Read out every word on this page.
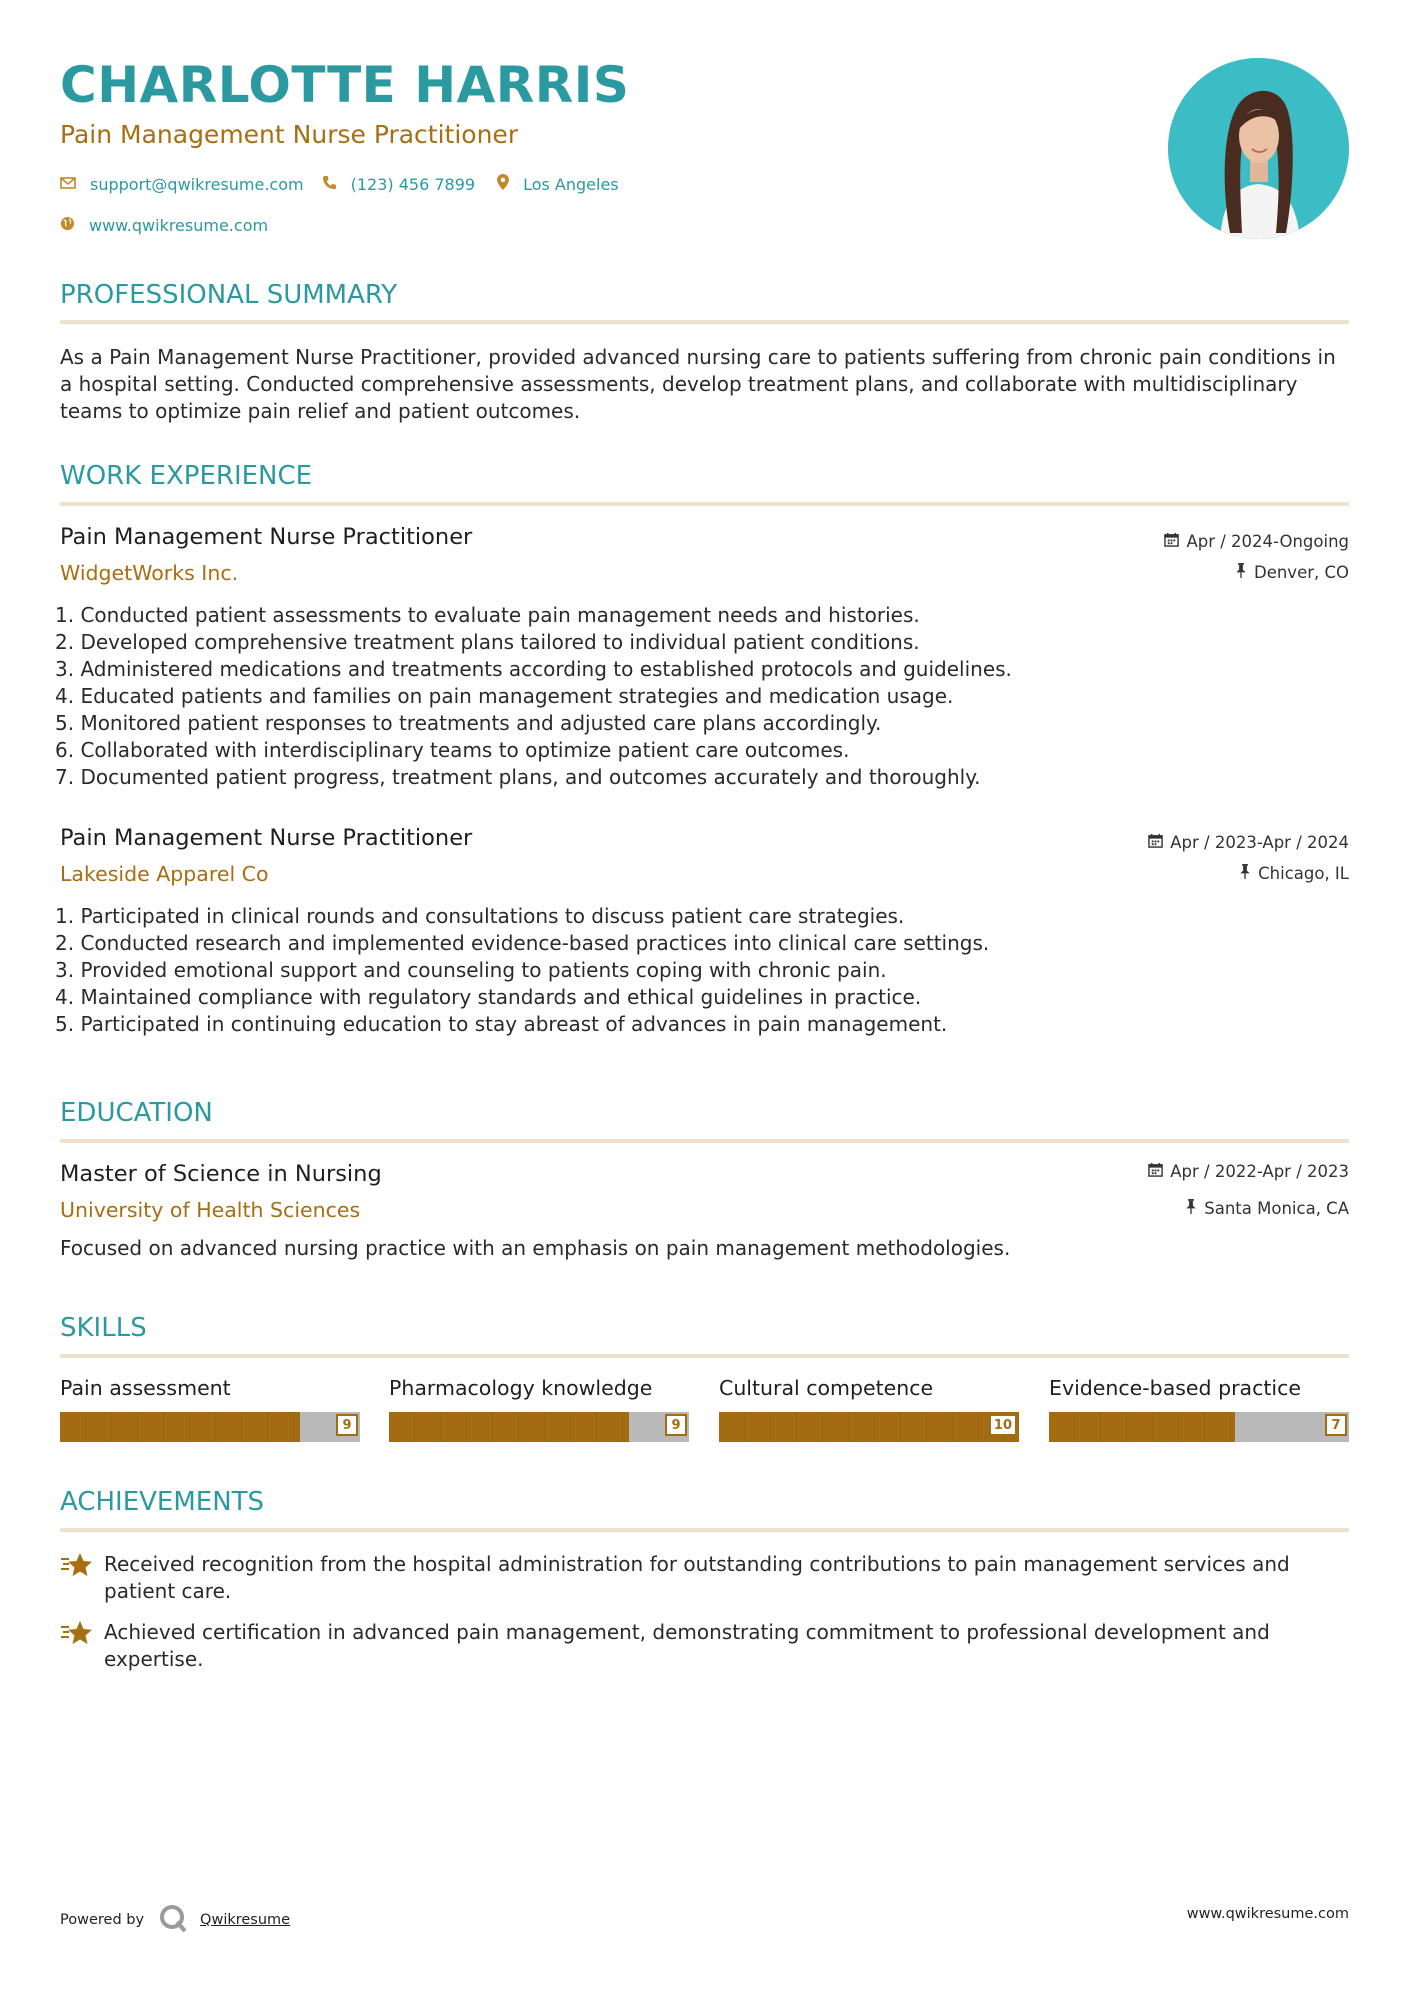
CHARLOTTE HARRIS
Pain Management Nurse Practitioner
support@qwikresume.com	(123) 456 7899	Los Angeles
www.qwikresume.com
PROFESSIONAL SUMMARY
As a Pain Management Nurse Practitioner, provided advanced nursing care to patients suffering from chronic pain conditions in a hospital setting. Conducted comprehensive assessments, develop treatment plans, and collaborate with multidisciplinary teams to optimize pain relief and patient outcomes.
WORK EXPERIENCE
Pain Management Nurse Practitioner
WidgetWorks Inc.
Apr / 2024-Ongoing
Denver, CO
1. Conducted patient assessments to evaluate pain management needs and histories.
2. Developed comprehensive treatment plans tailored to individual patient conditions.
3. Administered medications and treatments according to established protocols and guidelines.
4. Educated patients and families on pain management strategies and medication usage.
5. Monitored patient responses to treatments and adjusted care plans accordingly.
6. Collaborated with interdisciplinary teams to optimize patient care outcomes.
7. Documented patient progress, treatment plans, and outcomes accurately and thoroughly.
Pain Management Nurse Practitioner
Lakeside Apparel Co
Apr / 2023-Apr / 2024
Chicago, IL
1. Participated in clinical rounds and consultations to discuss patient care strategies.
2. Conducted research and implemented evidence-based practices into clinical care settings.
3. Provided emotional support and counseling to patients coping with chronic pain.
4. Maintained compliance with regulatory standards and ethical guidelines in practice.
5. Participated in continuing education to stay abreast of advances in pain management.
EDUCATION
Master of Science in Nursing
University of Health Sciences
Apr / 2022-Apr / 2023
Santa Monica, CA
Focused on advanced nursing practice with an emphasis on pain management methodologies.
SKILLS
Pain assessment
9
Pharmacology knowledge
9
Cultural competence
10
Evidence-based practice
7
ACHIEVEMENTS
Received recognition from the hospital administration for outstanding contributions to pain management services and patient care.
Achieved certification in advanced pain management, demonstrating commitment to professional development and expertise.
Powered by	Qwikresume	www.qwikresume.com
